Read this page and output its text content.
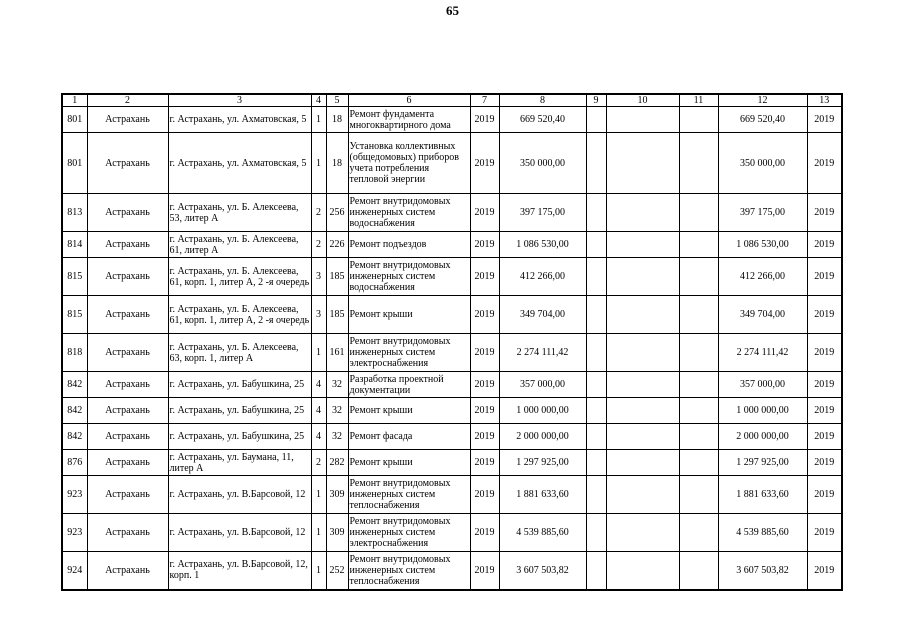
65
1	2	3	4	5	6	7	8	9	10	11	12	13
801	Астрахань	г. Астрахань, ул. Ахматовская, 5	1	18	Ремонт фундамента многоквартирного дома	2019	669 520,40				669 520,40	2019
801	Астрахань	г. Астрахань, ул. Ахматовская, 5	1	18	Установка коллективных (общедомовых) приборов учета потребления тепловой энергии	2019	350 000,00				350 000,00	2019
813	Астрахань	г. Астрахань, ул. Б. Алексеева, 53, литер А	2	256	Ремонт внутридомовых инженерных систем водоснабжения	2019	397 175,00				397 175,00	2019
814	Астрахань	г. Астрахань, ул. Б. Алексеева, 61, литер А	2	226	Ремонт подъездов	2019	1 086 530,00				1 086 530,00	2019
815	Астрахань	г. Астрахань, ул. Б. Алексеева, 61, корп. 1, литер А, 2 -я очередь	3	185	Ремонт внутридомовых инженерных систем водоснабжения	2019	412 266,00				412 266,00	2019
815	Астрахань	г. Астрахань, ул. Б. Алексеева, 61, корп. 1, литер А, 2 -я очередь	3	185	Ремонт крыши	2019	349 704,00				349 704,00	2019
818	Астрахань	г. Астрахань, ул. Б. Алексеева, 63, корп. 1, литер А	1	161	Ремонт внутридомовых инженерных систем электроснабжения	2019	2 274 111,42				2 274 111,42	2019
842	Астрахань	г. Астрахань, ул. Бабушкина, 25	4	32	Разработка проектной документации	2019	357 000,00				357 000,00	2019
842	Астрахань	г. Астрахань, ул. Бабушкина, 25	4	32	Ремонт крыши	2019	1 000 000,00				1 000 000,00	2019
842	Астрахань	г. Астрахань, ул. Бабушкина, 25	4	32	Ремонт фасада	2019	2 000 000,00				2 000 000,00	2019
876	Астрахань	г. Астрахань, ул. Баумана, 11, литер А	2	282	Ремонт крыши	2019	1 297 925,00				1 297 925,00	2019
923	Астрахань	г. Астрахань, ул. В.Барсовой, 12	1	309	Ремонт внутридомовых инженерных систем теплоснабжения	2019	1 881 633,60				1 881 633,60	2019
923	Астрахань	г. Астрахань, ул. В.Барсовой, 12	1	309	Ремонт внутридомовых инженерных систем электроснабжения	2019	4 539 885,60				4 539 885,60	2019
924	Астрахань	г. Астрахань, ул. В.Барсовой, 12, корп. 1	1	252	Ремонт внутридомовых инженерных систем теплоснабжения	2019	3 607 503,82				3 607 503,82	2019
